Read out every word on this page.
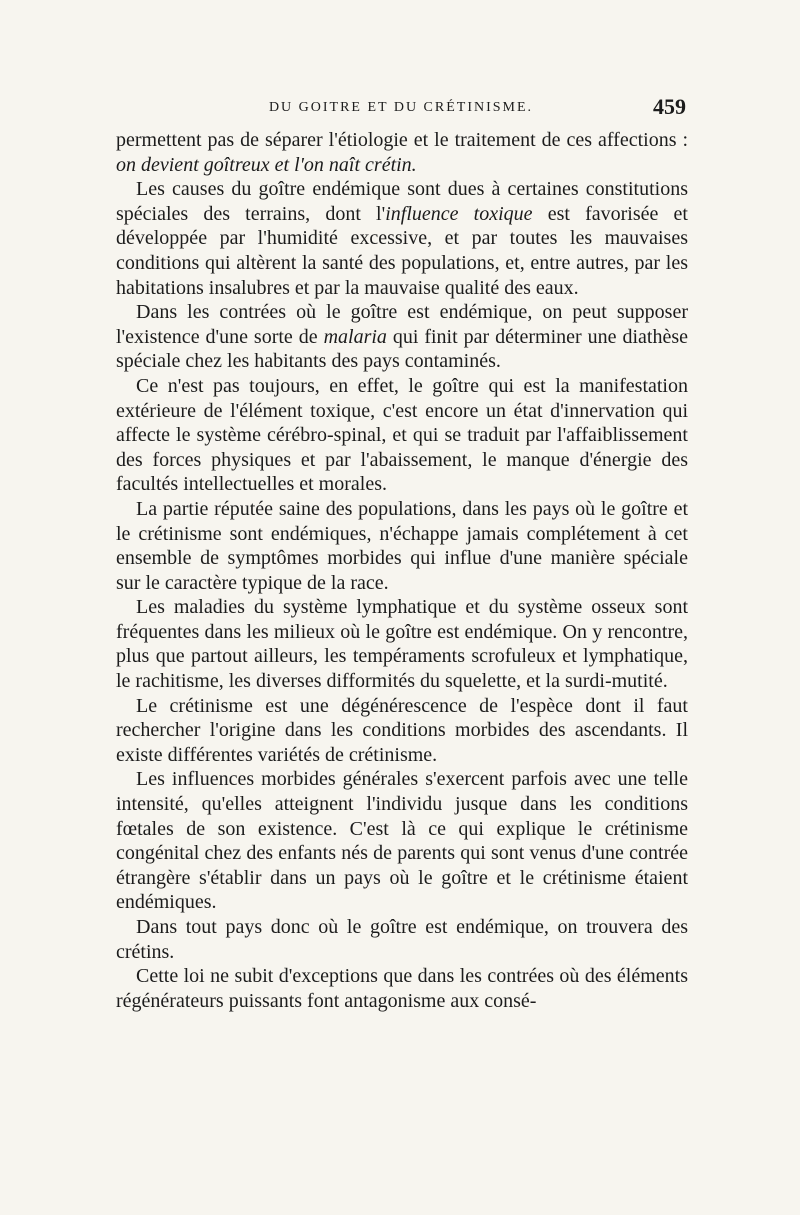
DU GOITRE ET DU CRÉTINISME.	459

permettent pas de séparer l'étiologie et le traitement de ces affections : on devient goîtreux et l'on naît crétin.

Les causes du goître endémique sont dues à certaines constitutions spéciales des terrains, dont l'influence toxique est favorisée et développée par l'humidité excessive, et par toutes les mauvaises conditions qui altèrent la santé des populations, et, entre autres, par les habitations insalubres et par la mauvaise qualité des eaux.

Dans les contrées où le goître est endémique, on peut supposer l'existence d'une sorte de malaria qui finit par déterminer une diathèse spéciale chez les habitants des pays contaminés.

Ce n'est pas toujours, en effet, le goître qui est la manifestation extérieure de l'élément toxique, c'est encore un état d'innervation qui affecte le système cérébro-spinal, et qui se traduit par l'affaiblissement des forces physiques et par l'abaissement, le manque d'énergie des facultés intellectuelles et morales.

La partie réputée saine des populations, dans les pays où le goître et le crétinisme sont endémiques, n'échappe jamais complétement à cet ensemble de symptômes morbides qui influe d'une manière spéciale sur le caractère typique de la race.

Les maladies du système lymphatique et du système osseux sont fréquentes dans les milieux où le goître est endémique. On y rencontre, plus que partout ailleurs, les tempéraments scrofuleux et lymphatique, le rachitisme, les diverses difformités du squelette, et la surdi-mutité.

Le crétinisme est une dégénérescence de l'espèce dont il faut rechercher l'origine dans les conditions morbides des ascendants. Il existe différentes variétés de crétinisme.

Les influences morbides générales s'exercent parfois avec une telle intensité, qu'elles atteignent l'individu jusque dans les conditions fœtales de son existence. C'est là ce qui explique le crétinisme congénital chez des enfants nés de parents qui sont venus d'une contrée étrangère s'établir dans un pays où le goître et le crétinisme étaient endémiques.

Dans tout pays donc où le goître est endémique, on trouvera des crétins.

Cette loi ne subit d'exceptions que dans les contrées où des éléments régénérateurs puissants font antagonisme aux consé-
